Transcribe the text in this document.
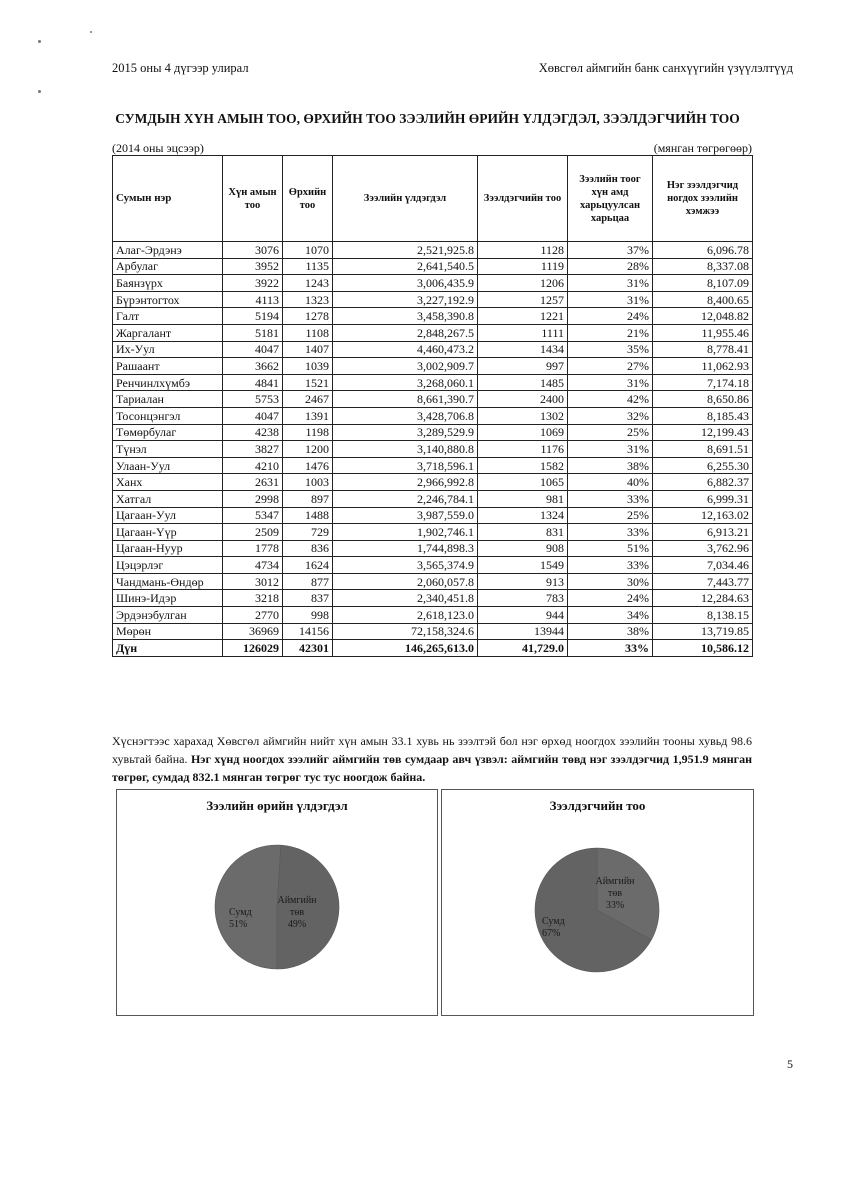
2015 оны 4 дүгээр улирал	Хөвсгөл аймгийн банк санхүүгийн үзүүлэлтүүд
СУМДЫН ХҮН АМЫН ТОО, ӨРХИЙН ТОО ЗЭЭЛИЙН ӨРИЙН ҮЛДЭГДЭЛ, ЗЭЭЛДЭГЧИЙН ТОО
(2014 оны эцсээр)	(мянган төгрөгөөр)
Сумын нэр	Хүн амын тоо	Өрхийн тоо	Зээлийн үлдэгдэл	Зээлдэгчийн тоо	Зээлийн тоог хүн амд харьцуулсан харьцаа	Нэг зээлдэгчид ногдох зээлийн хэмжээ
Алаг-Эрдэнэ	3076	1070	2,521,925.8	1128	37%	6,096.78
Арбулаг	3952	1135	2,641,540.5	1119	28%	8,337.08
Баянзүрх	3922	1243	3,006,435.9	1206	31%	8,107.09
Бүрэнтогтох	4113	1323	3,227,192.9	1257	31%	8,400.65
Галт	5194	1278	3,458,390.8	1221	24%	12,048.82
Жаргалант	5181	1108	2,848,267.5	1111	21%	11,955.46
Их-Уул	4047	1407	4,460,473.2	1434	35%	8,778.41
Рашаант	3662	1039	3,002,909.7	997	27%	11,062.93
Ренчинлхүмбэ	4841	1521	3,268,060.1	1485	31%	7,174.18
Тариалан	5753	2467	8,661,390.7	2400	42%	8,650.86
Тосонцэнгэл	4047	1391	3,428,706.8	1302	32%	8,185.43
Төмөрбулаг	4238	1198	3,289,529.9	1069	25%	12,199.43
Түнэл	3827	1200	3,140,880.8	1176	31%	8,691.51
Улаан-Уул	4210	1476	3,718,596.1	1582	38%	6,255.30
Ханх	2631	1003	2,966,992.8	1065	40%	6,882.37
Хатгал	2998	897	2,246,784.1	981	33%	6,999.31
Цагаан-Уул	5347	1488	3,987,559.0	1324	25%	12,163.02
Цагаан-Үүр	2509	729	1,902,746.1	831	33%	6,913.21
Цагаан-Нуур	1778	836	1,744,898.3	908	51%	3,762.96
Цэцэрлэг	4734	1624	3,565,374.9	1549	33%	7,034.46
Чандмань-Өндөр	3012	877	2,060,057.8	913	30%	7,443.77
Шинэ-Идэр	3218	837	2,340,451.8	783	24%	12,284.63
Эрдэнэбулган	2770	998	2,618,123.0	944	34%	8,138.15
Мөрөн	36969	14156	72,158,324.6	13944	38%	13,719.85
Дүн	126029	42301	146,265,613.0	41,729.0	33%	10,586.12
Хүснэгтээс харахад Хөвсгөл аймгийн нийт хүн амын 33.1 хувь нь зээлтэй бол нэг өрхөд ноогдох зээлийн тооны хувьд 98.6 хувьтай байна. Нэг хүнд ноогдох зээлийг аймгийн төв сумдаар авч үзвэл: аймгийн төвд нэг зээлдэгчид 1,951.9 мянган төгрөг, сумдад 832.1 мянган төгрөг тус тус ноогдож байна.
Зээлийн өрийн үлдэгдэл
Сумд
51%
Аймгийн
төв
49%
Зээлдэгчийн тоо
Аймгийн
төв
33%
Сумд
67%
5
